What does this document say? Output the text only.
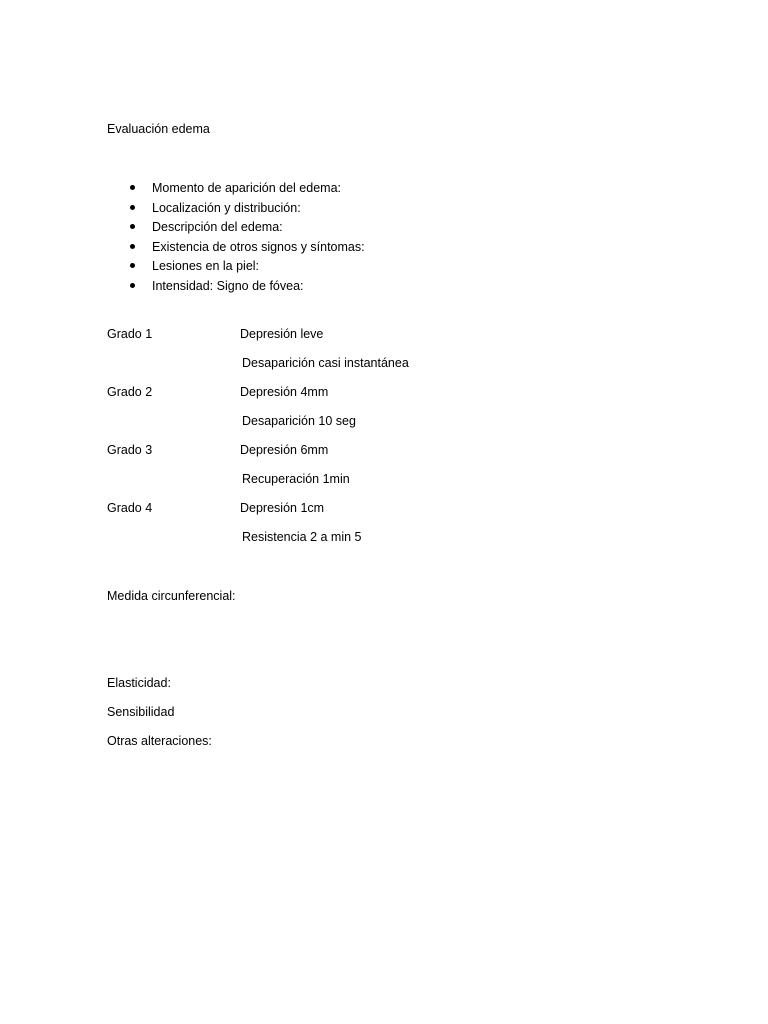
Evaluación edema
Momento de aparición del edema:
Localización y distribución:
Descripción del edema:
Existencia de otros signos y síntomas:
Lesiones en la piel:
Intensidad: Signo de fóvea:
Grado 1	Depresión leve
Desaparición casi instantánea
Grado 2	Depresión 4mm
Desaparición 10 seg
Grado 3	Depresión 6mm
Recuperación 1min
Grado 4	Depresión 1cm
Resistencia 2 a min 5
Medida circunferencial:
Elasticidad:
Sensibilidad
Otras alteraciones:
